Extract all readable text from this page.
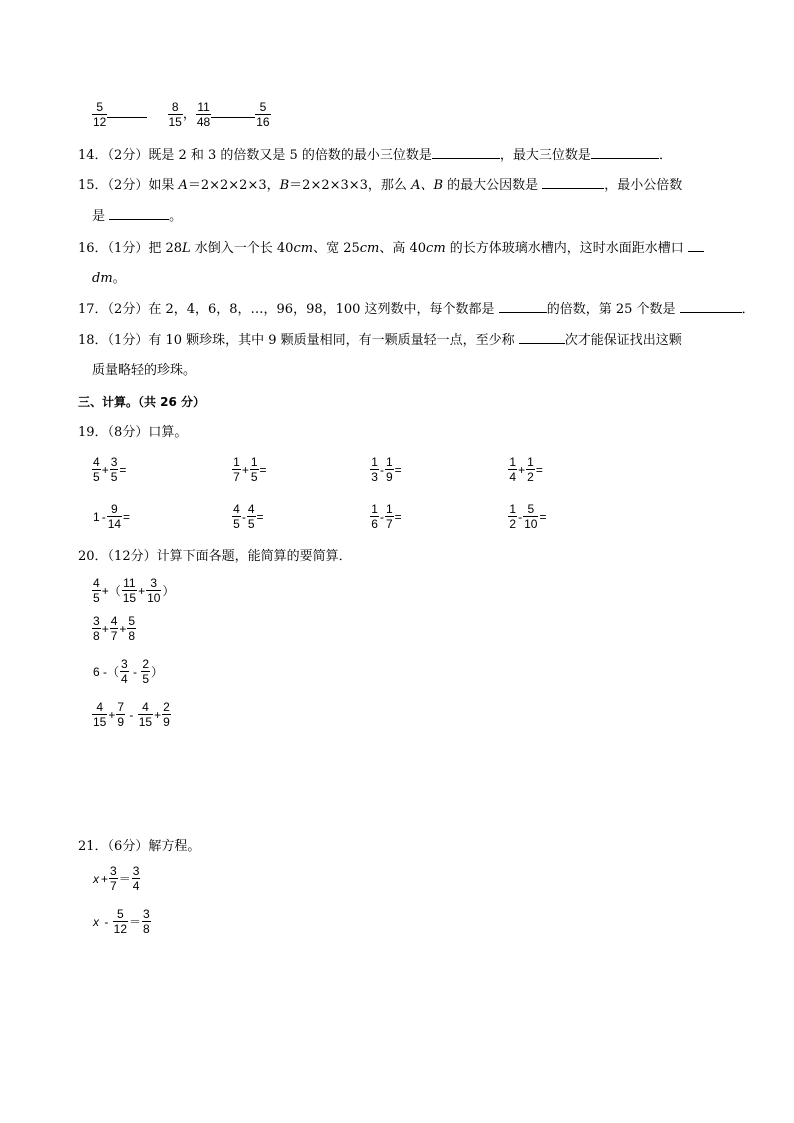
$\frac{5}{12}$
	$\frac{8}{15}$ ， $\frac{11}{48}$	$\frac{5}{16}$
14．（2分）既是 2 和 3 的倍数又是 5 的倍数的最小三位数是	，最大三位数是	．
15．（2分）如果 A＝2×2×2×3，B＝2×2×3×3，那么 A、B 的最大公因数是	，最小公倍数
是	。
16．（1分）把 28L 水倒入一个长 40cm、宽 25cm、高 40cm 的长方体玻璃水槽内，这时水面距水槽口
dm。
17．（2分）在 2，4，6，8，…，96，98，100 这列数中，每个数都是	的倍数，第 25 个数是	．
18．（1分）有 10 颗珍珠，其中 9 颗质量相同，有一颗质量轻一点，至少称	次才能保证找出这颗
质量略轻的珍珠。
三、计算。（共 26 分）
19．（8分）口算。
$\frac{4}{5} + \frac{3}{5}$ =	$\frac{1}{7} + \frac{1}{5}$ =	$\frac{1}{3} - \frac{1}{9}$ =	$\frac{1}{4} + \frac{1}{2}$ =
$1 - \frac{9}{14}$ =	$\frac{4}{5} - \frac{4}{5}$ =	$\frac{1}{6} - \frac{1}{7}$ =	$\frac{1}{2} - \frac{5}{10}$ =
20．（12分）计算下面各题，能简算的要简算．
$\frac{4}{5}$ +（ $\frac{11}{15} + \frac{3}{10}$ ）
$\frac{3}{8} + \frac{4}{7} + \frac{5}{8}$
6 -（ $\frac{3}{4} - \frac{2}{5}$ ）
$\frac{4}{15} + \frac{7}{9} - \frac{4}{15} + \frac{2}{9}$
21．（6分）解方程。
$x + \frac{3}{7} = \frac{3}{4}$
$x - \frac{5}{12} = \frac{3}{8}$
